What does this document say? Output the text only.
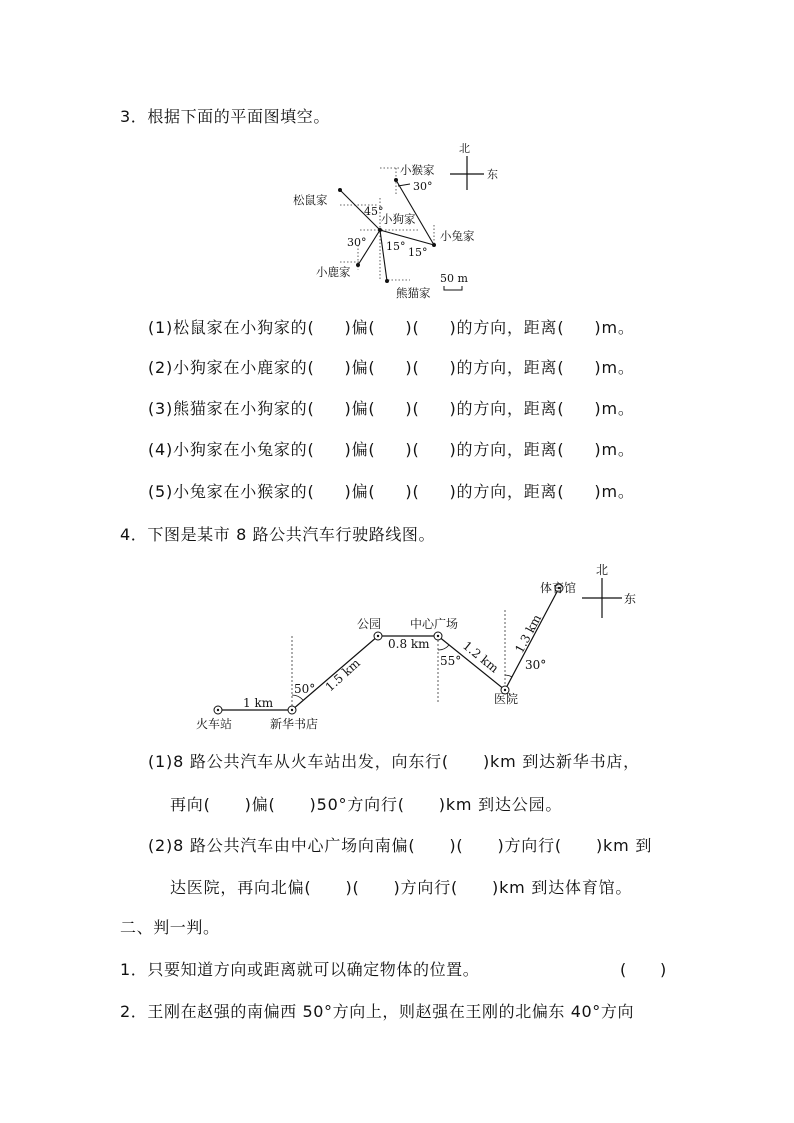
3．根据下面的平面图填空。
北
东
小猴家
30°
松鼠家
45°
小狗家
小兔家
30° 15° 15°
小鹿家
熊猫家
50 m
(1)松鼠家在小狗家的( )偏( )( )的方向，距离( )m。
(2)小狗家在小鹿家的( )偏( )( )的方向，距离( )m。
(3)熊猫家在小狗家的( )偏( )( )的方向，距离( )m。
(4)小狗家在小兔家的( )偏( )( )的方向，距离( )m。
(5)小兔家在小猴家的( )偏( )( )的方向，距离( )m。
4．下图是某市 8 路公共汽车行驶路线图。
北
东
火车站	新华书店
公园 中心广场
医院
体育馆
1 km
1.5 km
0.8 km	1.2 km
1.3 km
50°
55°	30°
(1)8 路公共汽车从火车站出发，向东行( )km 到达新华书店，
再向( )偏( )50°方向行( )km 到达公园。
(2)8 路公共汽车由中心广场向南偏( )( )方向行( )km 到
达医院，再向北偏( )( )方向行( )km 到达体育馆。
二、判一判。
1．只要知道方向或距离就可以确定物体的位置。	(　　)
2．王刚在赵强的南偏西 50°方向上，则赵强在王刚的北偏东 40°方向
